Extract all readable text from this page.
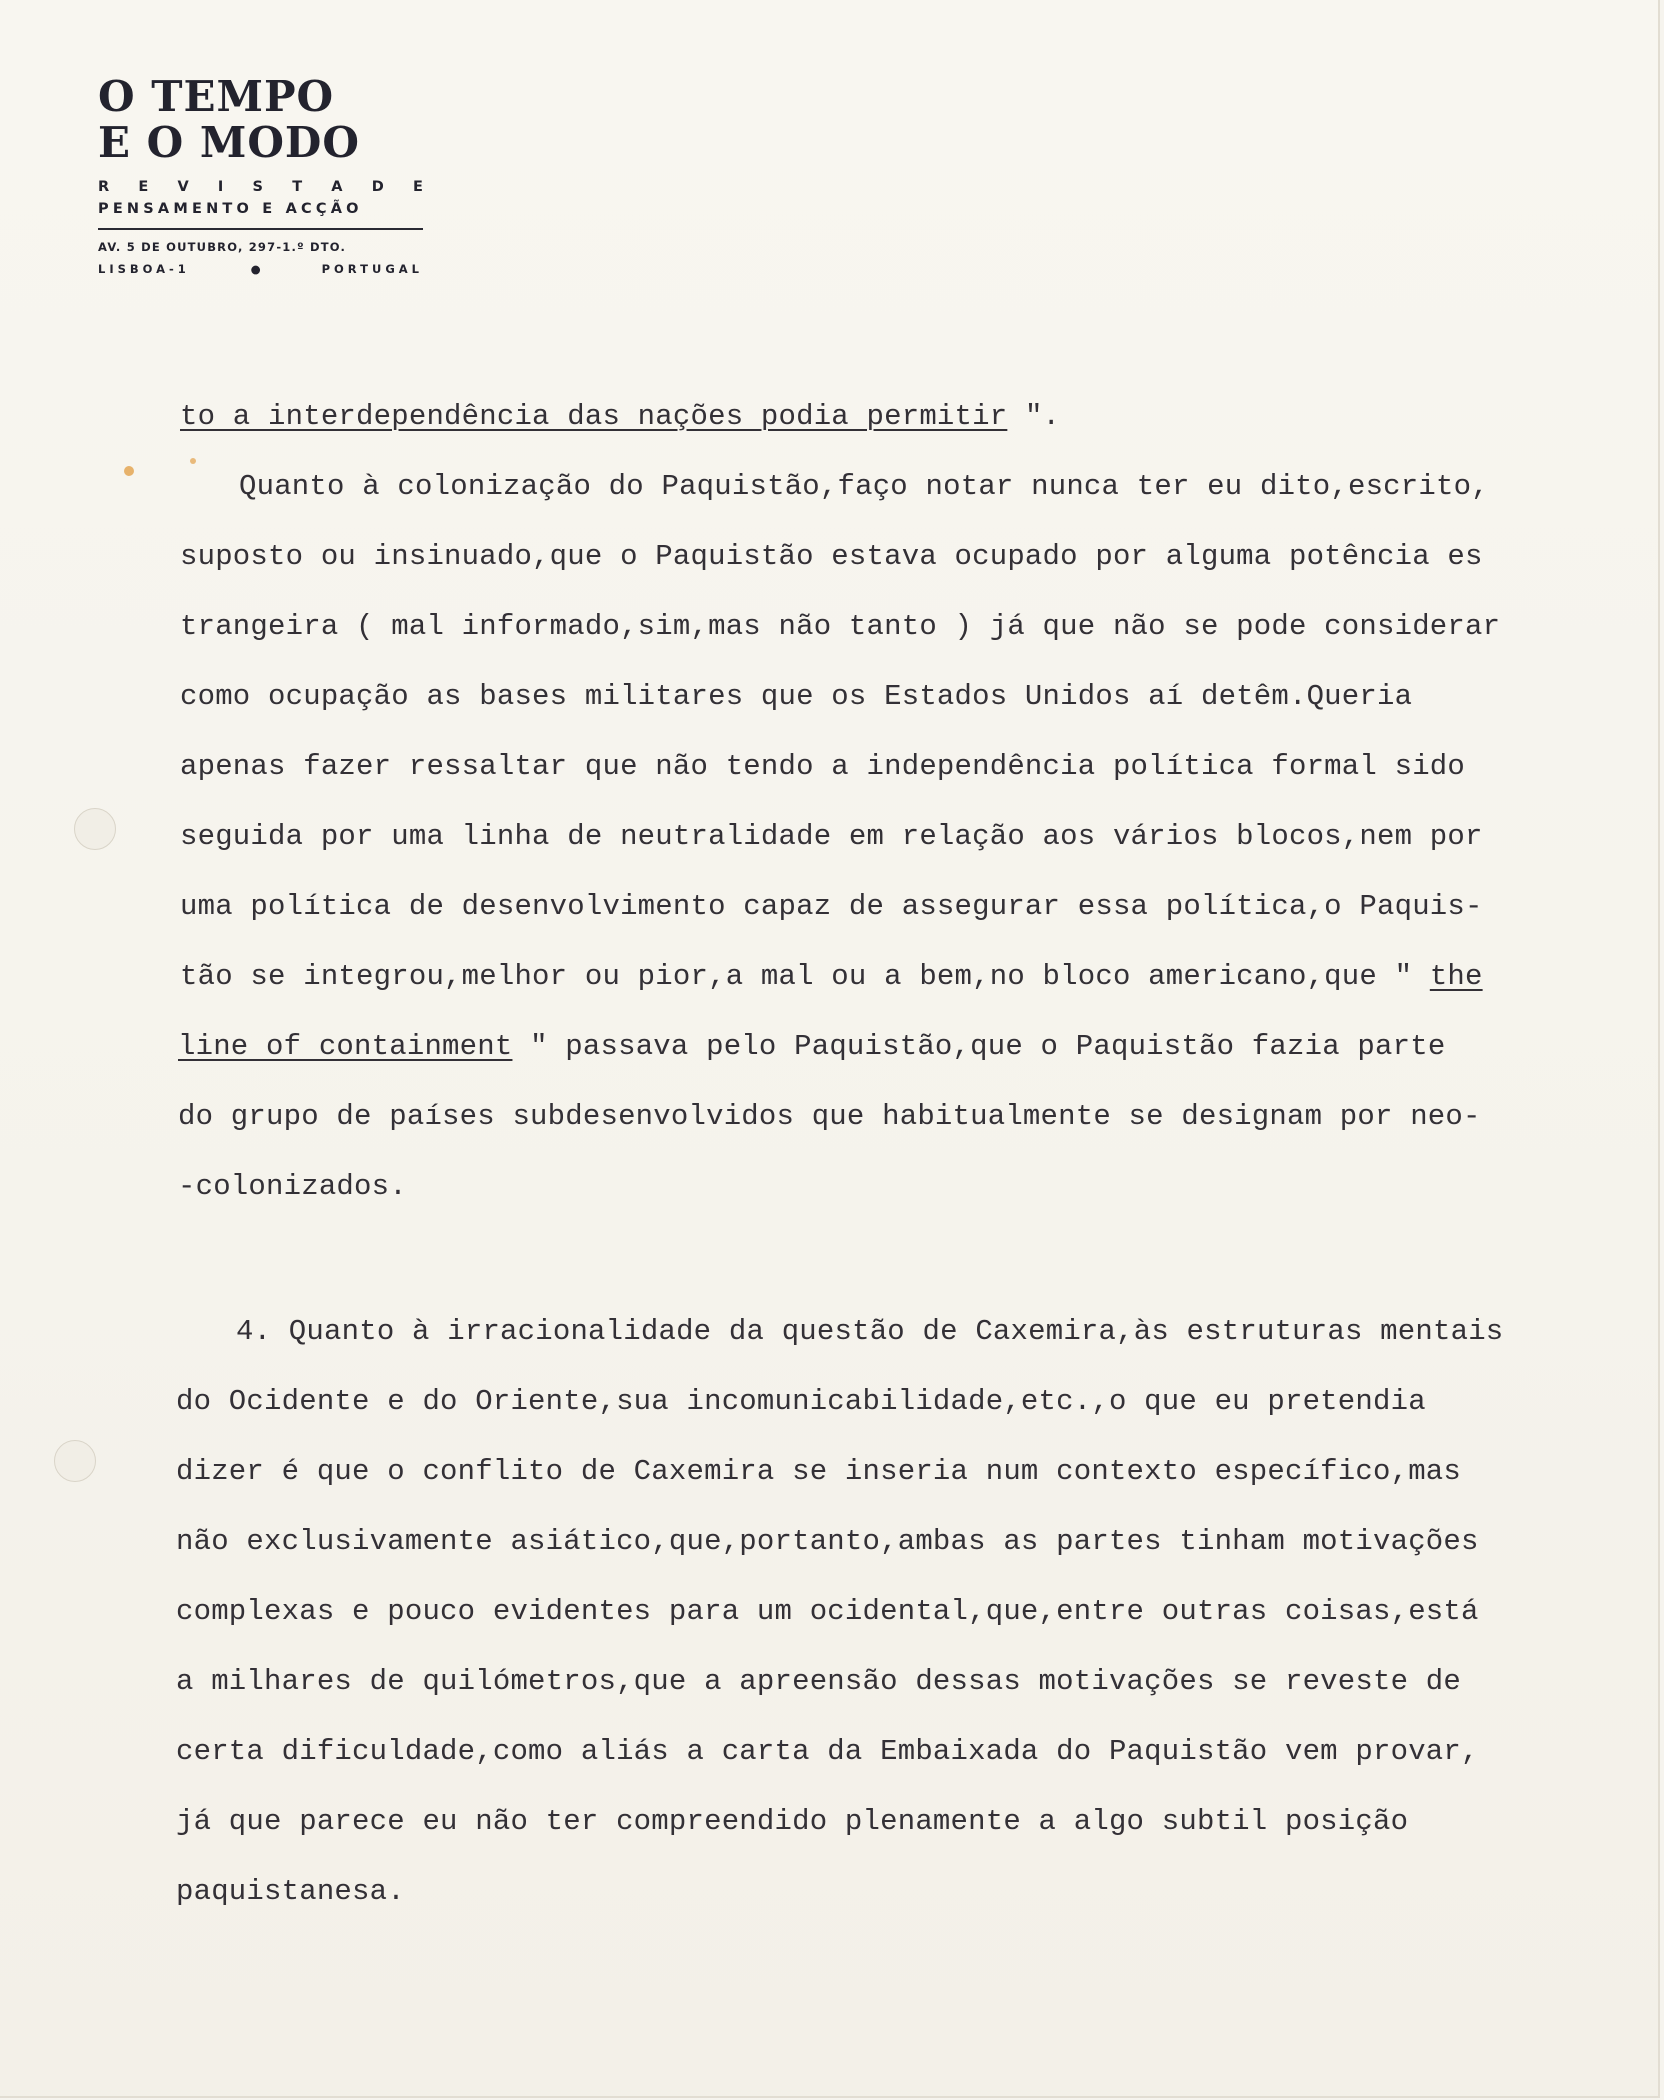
O TEMPO
E O MODO
R E V I S T A D E
PENSAMENTO E ACÇÃO
AV. 5 DE OUTUBRO, 297-1.º DTO.
LISBOA-1	●	PORTUGAL
to a interdependência das nações podia permitir ".
Quanto à colonização do Paquistão,faço notar nunca ter eu dito,escrito,
suposto ou insinuado,que o Paquistão estava ocupado por alguma potência es
trangeira ( mal informado,sim,mas não tanto ) já que não se pode considerar
como ocupação as bases militares que os Estados Unidos aí detêm.Queria
apenas fazer ressaltar que não tendo a independência política formal sido
seguida por uma linha de neutralidade em relação aos vários blocos,nem por
uma política de desenvolvimento capaz de assegurar essa política,o Paquis-
tão se integrou,melhor ou pior,a mal ou a bem,no bloco americano,que " the
line of containment " passava pelo Paquistão,que o Paquistão fazia parte
do grupo de países subdesenvolvidos que habitualmente se designam por neo-
-colonizados.
4. Quanto à irracionalidade da questão de Caxemira,às estruturas mentais
do Ocidente e do Oriente,sua incomunicabilidade,etc.,o que eu pretendia
dizer é que o conflito de Caxemira se inseria num contexto específico,mas
não exclusivamente asiático,que,portanto,ambas as partes tinham motivações
complexas e pouco evidentes para um ocidental,que,entre outras coisas,está
a milhares de quilómetros,que a apreensão dessas motivações se reveste de
certa dificuldade,como aliás a carta da Embaixada do Paquistão vem provar,
já que parece eu não ter compreendido plenamente a algo subtil posição
paquistanesa.
